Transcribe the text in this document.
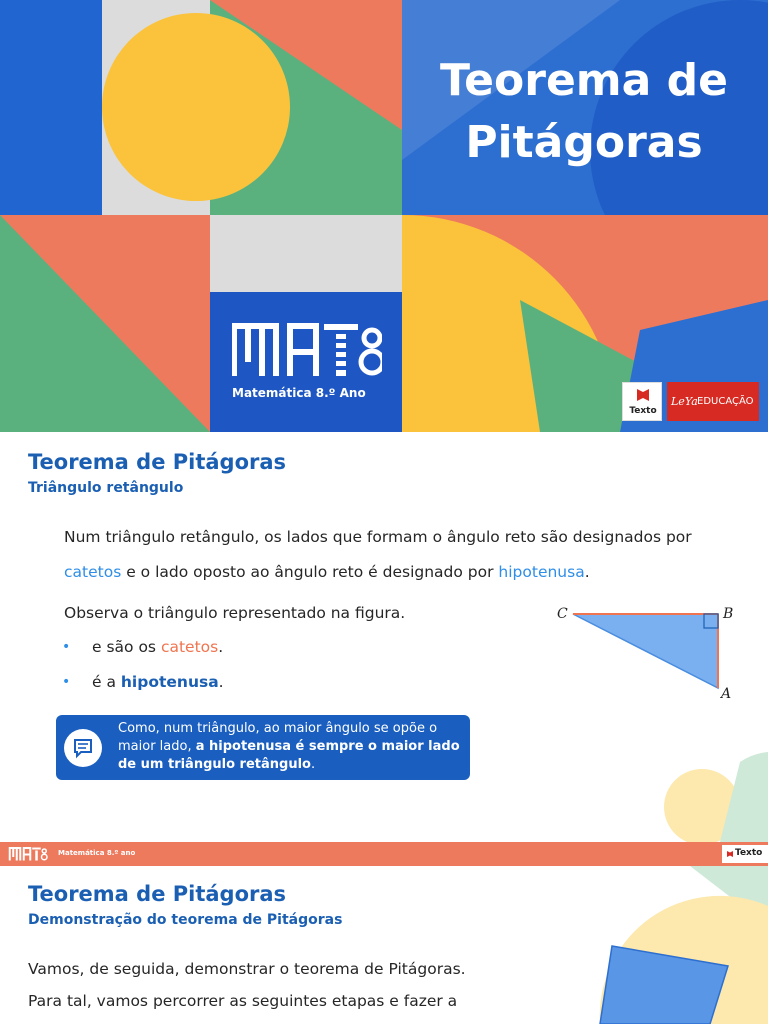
Teorema de
Pitágoras
Matemática 8.º Ano
Texto
LeYa EDUCAÇÃO
Teorema de Pitágoras
Triângulo retângulo
Num triângulo retângulo, os lados que formam o ângulo reto são designados por
catetos e o lado oposto ao ângulo reto é designado por hipotenusa.
Observa o triângulo representado na figura.
• e são os catetos.
• é a hipotenusa.
Como, num triângulo, ao maior ângulo se opõe o maior lado, a hipotenusa é sempre o maior lado de um triângulo retângulo.
C	B
A
Matemática 8.º ano	Texto
Teorema de Pitágoras
Demonstração do teorema de Pitágoras
Vamos, de seguida, demonstrar o teorema de Pitágoras.
Para tal, vamos percorrer as seguintes etapas e fazer a
